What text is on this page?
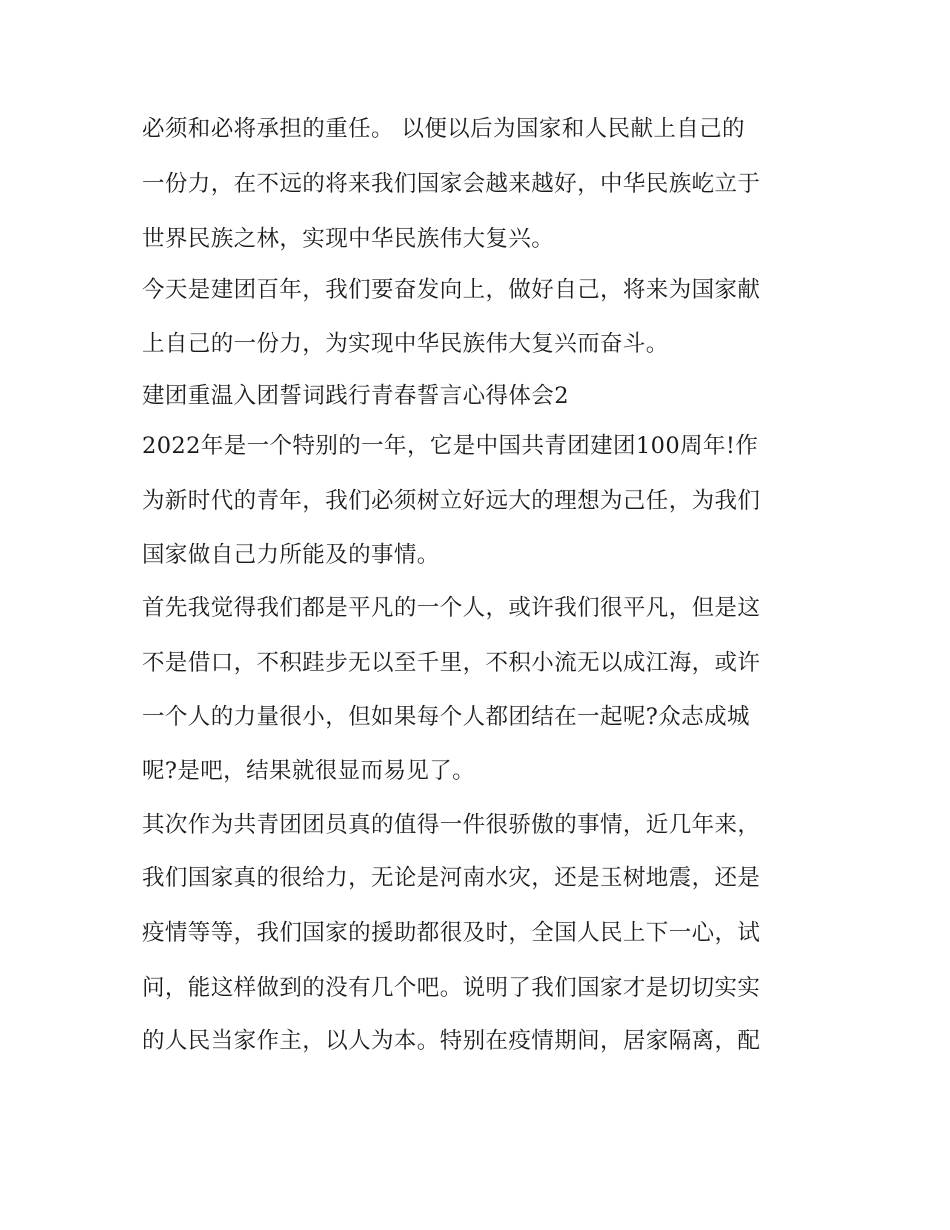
必须和必将承担的重任。 以便以后为国家和人民献上自己的
一份力，在不远的将来我们国家会越来越好，中华民族屹立于
世界民族之林，实现中华民族伟大复兴。
今天是建团百年，我们要奋发向上，做好自己，将来为国家献
上自己的一份力，为实现中华民族伟大复兴而奋斗。
建团重温入团誓词践行青春誓言心得体会2
2022年是一个特别的一年，它是中国共青团建团100周年!作
为新时代的青年，我们必须树立好远大的理想为己任，为我们
国家做自己力所能及的事情。
首先我觉得我们都是平凡的一个人，或许我们很平凡，但是这
不是借口，不积跬步无以至千里，不积小流无以成江海，或许
一个人的力量很小，但如果每个人都团结在一起呢?众志成城
呢?是吧，结果就很显而易见了。
其次作为共青团团员真的值得一件很骄傲的事情，近几年来，
我们国家真的很给力，无论是河南水灾，还是玉树地震，还是
疫情等等，我们国家的援助都很及时，全国人民上下一心，试
问，能这样做到的没有几个吧。说明了我们国家才是切切实实
的人民当家作主，以人为本。特别在疫情期间，居家隔离，配
